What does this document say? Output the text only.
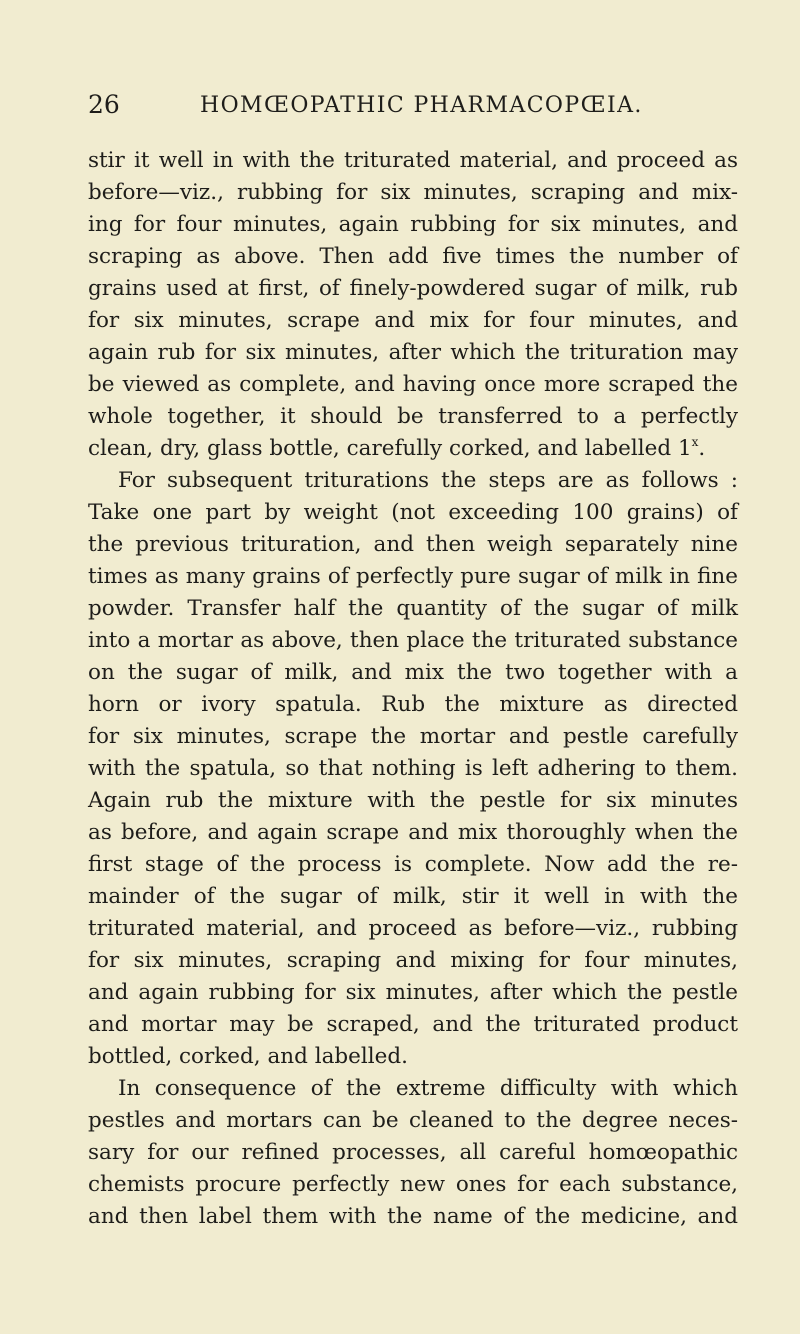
26	HOMŒOPATHIC PHARMACOPŒIA.
stir it well in with the triturated material, and proceed as
before—viz., rubbing for six minutes, scraping and mix-
ing for four minutes, again rubbing for six minutes, and
scraping as above. Then add five times the number of
grains used at first, of finely-powdered sugar of milk, rub
for six minutes, scrape and mix for four minutes, and
again rub for six minutes, after which the trituration may
be viewed as complete, and having once more scraped the
whole together, it should be transferred to a perfectly
clean, dry, glass bottle, carefully corked, and labelled 1$^x$.
For subsequent triturations the steps are as follows :
Take one part by weight (not exceeding 100 grains) of
the previous trituration, and then weigh separately nine
times as many grains of perfectly pure sugar of milk in fine
powder. Transfer half the quantity of the sugar of milk
into a mortar as above, then place the triturated substance
on the sugar of milk, and mix the two together with a
horn or ivory spatula. Rub the mixture as directed
for six minutes, scrape the mortar and pestle carefully
with the spatula, so that nothing is left adhering to them.
Again rub the mixture with the pestle for six minutes
as before, and again scrape and mix thoroughly when the
first stage of the process is complete. Now add the re-
mainder of the sugar of milk, stir it well in with the
triturated material, and proceed as before—viz., rubbing
for six minutes, scraping and mixing for four minutes,
and again rubbing for six minutes, after which the pestle
and mortar may be scraped, and the triturated product
bottled, corked, and labelled.
In consequence of the extreme difficulty with which
pestles and mortars can be cleaned to the degree neces-
sary for our refined processes, all careful homœopathic
chemists procure perfectly new ones for each substance,
and then label them with the name of the medicine, and
